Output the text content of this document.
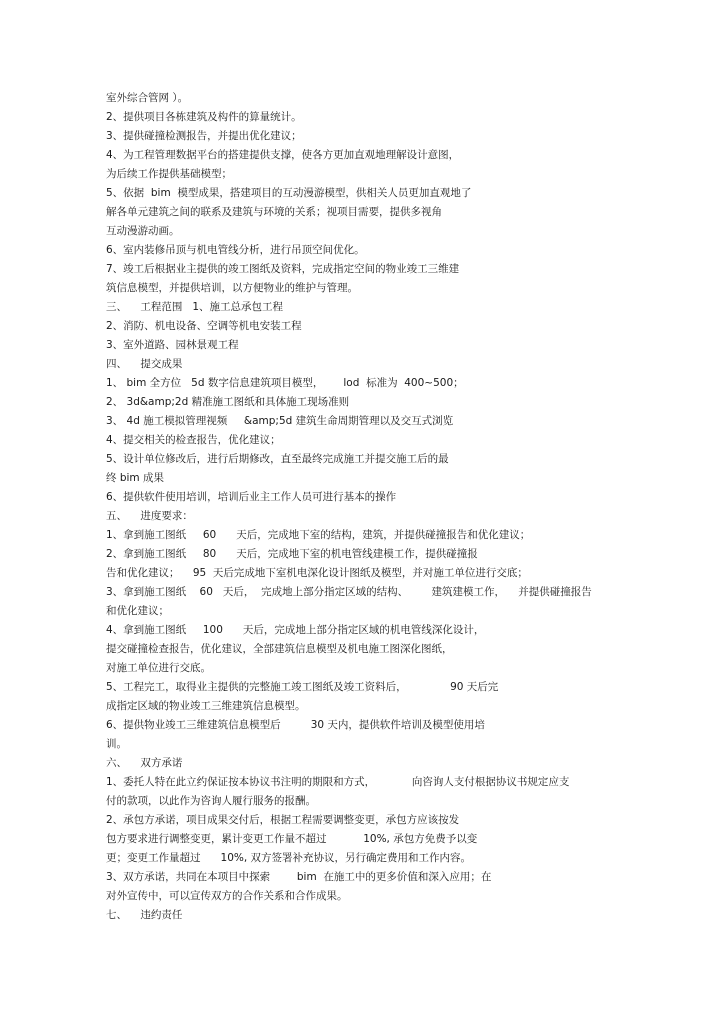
室外综合管网 ）。
2、提供项目各栋建筑及构件的算量统计。
3、提供碰撞检测报告，并提出优化建议；
4、为工程管理数据平台的搭建提供支撑，使各方更加直观地理解设计意图，
为后续工作提供基础模型；
5、依据  bim  模型成果，搭建项目的互动漫游模型，供相关人员更加直观地了
解各单元建筑之间的联系及建筑与环境的关系；视项目需要，提供多视角
互动漫游动画。
6、室内装修吊顶与机电管线分析，进行吊顶空间优化。
7、竣工后根据业主提供的竣工图纸及资料，完成指定空间的物业竣工三维建
筑信息模型，并提供培训，以方便物业的维护与管理。
三、    工程范围   1、施工总承包工程
2、消防、机电设备、空调等机电安装工程
3、室外道路、园林景观工程
四、    提交成果
1、 bim 全方位   5d 数字信息建筑项目模型，      lod  标准为  400~500；
2、 3d&amp;2d 精准施工图纸和具体施工现场准则
3、 4d 施工模拟管理视频     &amp;5d 建筑生命周期管理以及交互式浏览
4、提交相关的检查报告，优化建议；
5、设计单位修改后，进行后期修改，直至最终完成施工并提交施工后的最
终 bim 成果
6、提供软件使用培训，培训后业主工作人员可进行基本的操作
五、    进度要求：
1、拿到施工图纸     60      天后，完成地下室的结构，建筑，并提供碰撞报告和优化建议；
2、拿到施工图纸     80      天后，完成地下室的机电管线建模工作，提供碰撞报
告和优化建议；    95  天后完成地下室机电深化设计图纸及模型，并对施工单位进行交底；
3、拿到施工图纸    60   天后，  完成地上部分指定区域的结构、       建筑建模工作，    并提供碰撞报告
和优化建议；
4、拿到施工图纸     100      天后，完成地上部分指定区域的机电管线深化设计，
提交碰撞检查报告，优化建议，全部建筑信息模型及机电施工图深化图纸，
对施工单位进行交底。
5、工程完工，取得业主提供的完整施工竣工图纸及竣工资料后，             90 天后完
成指定区域的物业竣工三维建筑信息模型。
6、提供物业竣工三维建筑信息模型后         30 天内，提供软件培训及模型使用培
训。
六、    双方承诺
1、委托人特在此立约保证按本协议书注明的期限和方式，           向咨询人支付根据协议书规定应支
付的款项，以此作为咨询人履行服务的报酬。
2、承包方承诺，项目成果交付后，根据工程需要调整变更，承包方应该按发
包方要求进行调整变更，累计变更工作量不超过           10%, 承包方免费予以变
更；变更工作量超过      10%, 双方签署补充协议，另行确定费用和工作内容。
3、双方承诺，共同在本项目中探索        bim  在施工中的更多价值和深入应用；在
对外宣传中，可以宣传双方的合作关系和合作成果。
七、    违约责任
